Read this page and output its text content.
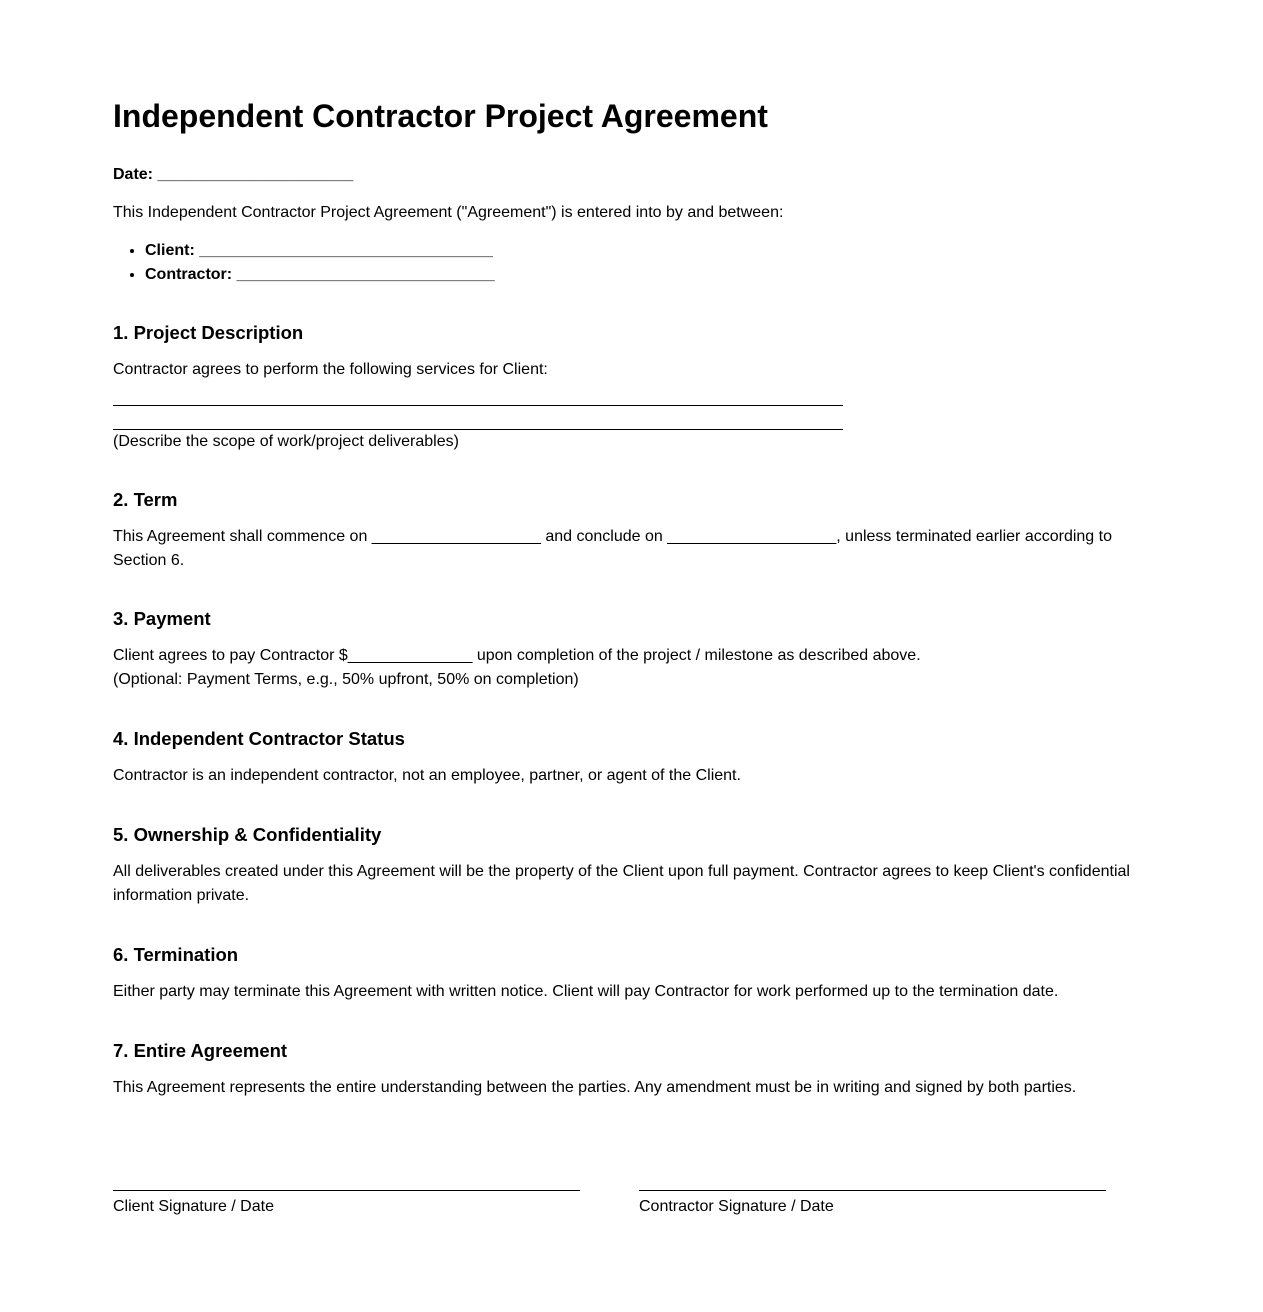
Independent Contractor Project Agreement

Date: ______________________

This Independent Contractor Project Agreement ("Agreement") is entered into by and between:

• Client: _________________________________
• Contractor: _____________________________
1. Project Description

Contractor agrees to perform the following services for Client:

(Describe the scope of work/project deliverables)

2. Term

This Agreement shall commence on ___________________ and conclude on ___________________, unless terminated earlier according to Section 6.

3. Payment

Client agrees to pay Contractor $______________ upon completion of the project / milestone as described above.

(Optional: Payment Terms, e.g., 50% upfront, 50% on completion)

4. Independent Contractor Status

Contractor is an independent contractor, not an employee, partner, or agent of the Client.

5. Ownership & Confidentiality

All deliverables created under this Agreement will be the property of the Client upon full payment. Contractor agrees to keep Client's confidential information private.

6. Termination

Either party may terminate this Agreement with written notice. Client will pay Contractor for work performed up to the termination date.

7. Entire Agreement

This Agreement represents the entire understanding between the parties. Any amendment must be in writing and signed by both parties.

Client Signature / Date	Contractor Signature / Date
